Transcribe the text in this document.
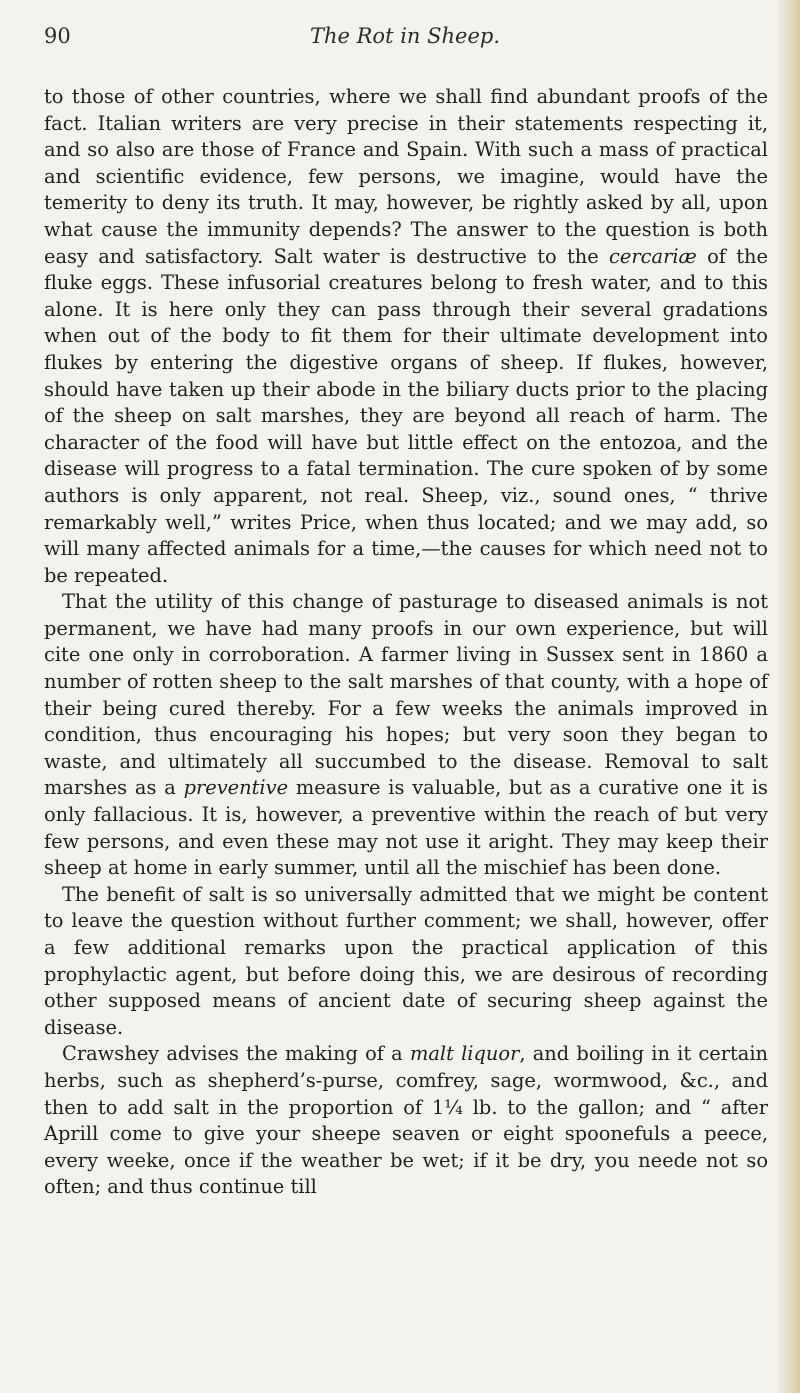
90	The Rot in Sheep.

to those of other countries, where we shall find abundant proofs of the fact. Italian writers are very precise in their statements respecting it, and so also are those of France and Spain. With such a mass of practical and scientific evidence, few persons, we imagine, would have the temerity to deny its truth. It may, however, be rightly asked by all, upon what cause the immunity depends? The answer to the question is both easy and satisfactory. Salt water is destructive to the cercariæ of the fluke eggs. These infusorial creatures belong to fresh water, and to this alone. It is here only they can pass through their several gradations when out of the body to fit them for their ultimate development into flukes by entering the digestive organs of sheep. If flukes, however, should have taken up their abode in the biliary ducts prior to the placing of the sheep on salt marshes, they are beyond all reach of harm. The character of the food will have but little effect on the entozoa, and the disease will progress to a fatal termination. The cure spoken of by some authors is only apparent, not real. Sheep, viz., sound ones, “ thrive remarkably well,” writes Price, when thus located; and we may add, so will many affected animals for a time,—the causes for which need not to be repeated.

That the utility of this change of pasturage to diseased animals is not permanent, we have had many proofs in our own experience, but will cite one only in corroboration. A farmer living in Sussex sent in 1860 a number of rotten sheep to the salt marshes of that county, with a hope of their being cured thereby. For a few weeks the animals improved in condition, thus encouraging his hopes; but very soon they began to waste, and ultimately all succumbed to the disease. Removal to salt marshes as a preventive measure is valuable, but as a curative one it is only fallacious. It is, however, a preventive within the reach of but very few persons, and even these may not use it aright. They may keep their sheep at home in early summer, until all the mischief has been done.

The benefit of salt is so universally admitted that we might be content to leave the question without further comment; we shall, however, offer a few additional remarks upon the practical application of this prophylactic agent, but before doing this, we are desirous of recording other supposed means of ancient date of securing sheep against the disease.

Crawshey advises the making of a malt liquor, and boiling in it certain herbs, such as shepherd’s-purse, comfrey, sage, wormwood, &c., and then to add salt in the proportion of 1¼ lb. to the gallon; and “ after Aprill come to give your sheepe seaven or eight spoonefuls a peece, every weeke, once if the weather be wet; if it be dry, you neede not so often; and thus continue till
